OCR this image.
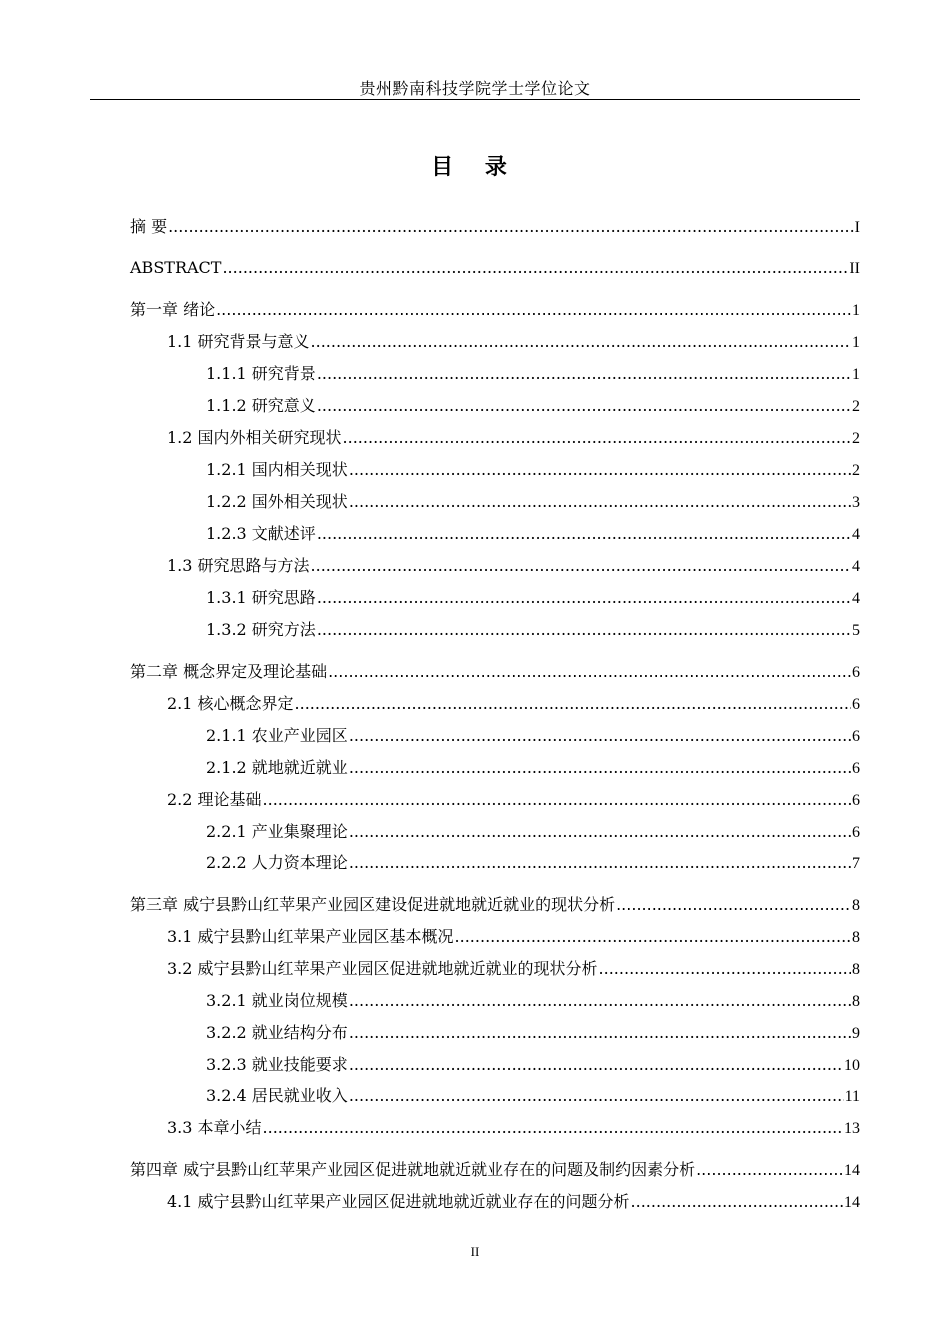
贵州黔南科技学院学士学位论文
目 录
摘 要 .....	I
ABSTRACT .....	II
第一章 绪论 .....	1
1.1 研究背景与意义 .....	1
1.1.1 研究背景 .....	1
1.1.2 研究意义 .....	2
1.2 国内外相关研究现状 .....	2
1.2.1 国内相关现状 .....	2
1.2.2 国外相关现状 .....	3
1.2.3 文献述评 .....	4
1.3 研究思路与方法 .....	4
1.3.1 研究思路 .....	4
1.3.2 研究方法 .....	5
第二章 概念界定及理论基础 .....	6
2.1 核心概念界定 .....	6
2.1.1 农业产业园区 .....	6
2.1.2 就地就近就业 .....	6
2.2 理论基础 .....	6
2.2.1 产业集聚理论 .....	6
2.2.2 人力资本理论 .....	7
第三章 威宁县黔山红苹果产业园区建设促进就地就近就业的现状分析 .....	8
3.1 威宁县黔山红苹果产业园区基本概况 .....	8
3.2 威宁县黔山红苹果产业园区促进就地就近就业的现状分析 .....	8
3.2.1 就业岗位规模 .....	8
3.2.2 就业结构分布 .....	9
3.2.3 就业技能要求 .....	10
3.2.4 居民就业收入 .....	11
3.3 本章小结 .....	13
第四章 威宁县黔山红苹果产业园区促进就地就近就业存在的问题及制约因素分析 .....	14
4.1 威宁县黔山红苹果产业园区促进就地就近就业存在的问题分析 .....	14
II
